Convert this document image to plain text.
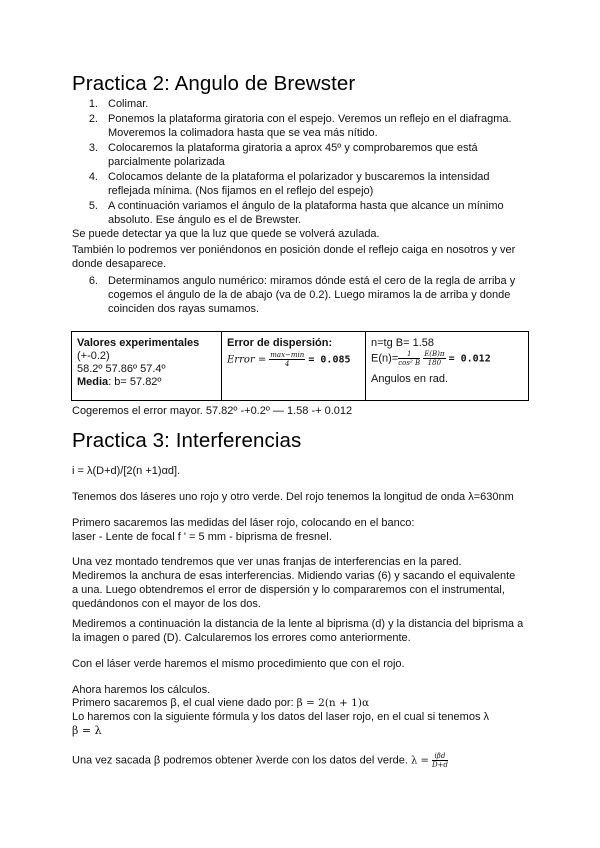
Practica 2: Angulo de Brewster
1. Colimar.
2. Ponemos la plataforma giratoria con el espejo. Veremos un reflejo en el diafragma.
Moveremos la colimadora hasta que se vea más nítido.
3. Colocaremos la plataforma giratoria a aprox 45º y comprobaremos que está
parcialmente polarizada
4. Colocamos delante de la plataforma el polarizador y buscaremos la intensidad
reflejada mínima. (Nos fijamos en el reflejo del espejo)
5. A continuación variamos el ángulo de la plataforma hasta que alcance un mínimo
absoluto. Ese ángulo es el de Brewster.
Se puede detectar ya que la luz que quede se volverá azulada.
También lo podremos ver poniéndonos en posición donde el reflejo caiga en nosotros y ver
donde desaparece.
6. Determinamos angulo numérico: miramos dónde está el cero de la regla de arriba y
cogemos el ángulo de la de abajo (va de 0.2). Luego miramos la de arriba y donde
coinciden dos rayas sumamos.
Valores experimentales
(+-0.2)
58.2º 57.86º 57.4º
Media: b= 57.82º

Error de dispersión:
Error = $\frac{\max-\min}{4} = 0.085$

n=tg B= 1.58
$E(n)= \frac{1}{\text{cos² B}}$
$\frac{E(B)\pi}{180} = 0.012$
Angulos en rad.
Cogeremos el error mayor. 57.82º -+0.2º — 1.58 -+ 0.012
Practica 3: Interferencias
i = λ(D+d)/[2(n +1)αd].
Tenemos dos láseres uno rojo y otro verde. Del rojo tenemos la longitud de onda λ=630nm
Primero sacaremos las medidas del láser rojo, colocando en el banco:
laser - Lente de focal f ' = 5 mm - biprisma de fresnel.
Una vez montado tendremos que ver unas franjas de interferencias en la pared.
Mediremos la anchura de esas interferencias. Midiendo varias (6) y sacando el equivalente
a una. Luego obtendremos el error de dispersión y lo compararemos con el instrumental,
quedándonos con el mayor de los dos.
Mediremos a continuación la distancia de la lente al biprisma (d) y la distancia del biprisma a
la imagen o pared (D). Calcularemos los errores como anteriormente.
Con el láser verde haremos el mismo procedimiento que con el rojo.
Ahora haremos los cálculos.
Primero sacaremos β, el cual viene dado por: β = 2(n + 1)α
Lo haremos con la siguiente fórmula y los datos del laser rojo, en el cual si tenemos λ
β = λ
Una vez sacada β podremos obtener λverde con los datos del verde. $\lambda = \frac{\text{iβd}}{D+d}$
